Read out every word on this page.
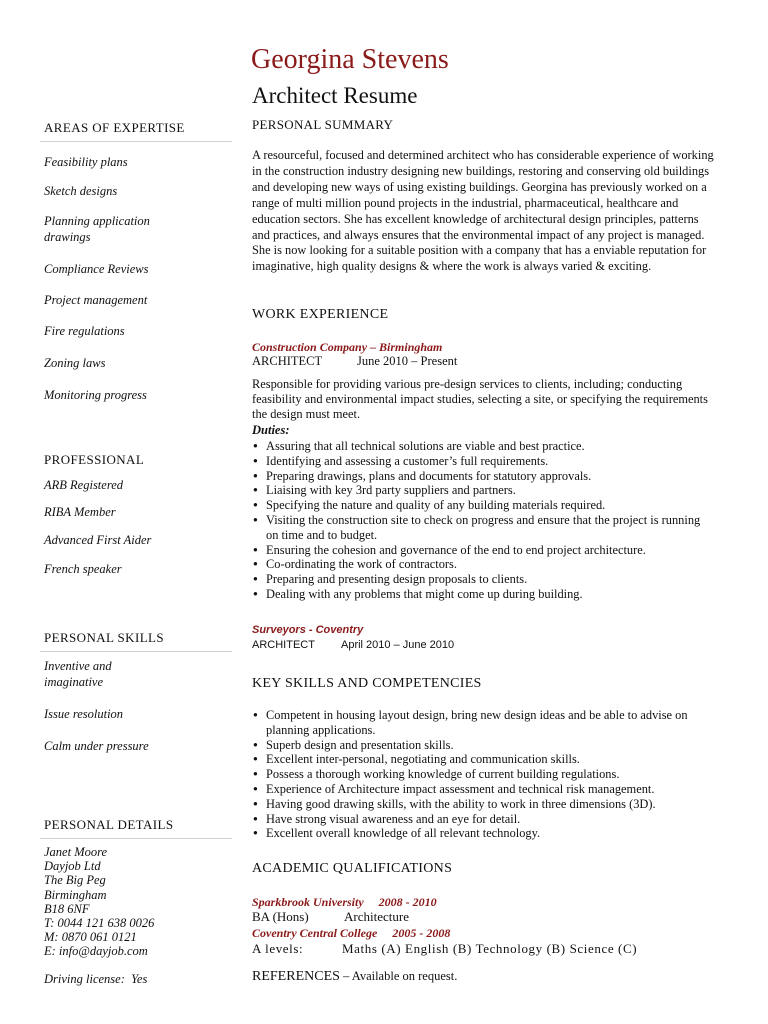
Georgina Stevens
Architect Resume
AREAS OF EXPERTISE
Feasibility plans
Sketch designs
Planning application drawings
Compliance Reviews
Project management
Fire regulations
Zoning laws
Monitoring progress
PROFESSIONAL
ARB Registered
RIBA Member
Advanced First Aider
French speaker
PERSONAL SKILLS
Inventive and imaginative
Issue resolution
Calm under pressure
PERSONAL DETAILS
Janet Moore
Dayjob Ltd
The Big Peg
Birmingham
B18 6NF
T: 0044 121 638 0026
M: 0870 061 0121
E: info@dayjob.com
Driving license:  Yes
PERSONAL SUMMARY
A resourceful, focused and determined architect who has considerable experience of working in the construction industry designing new buildings, restoring and conserving old buildings and developing new ways of using existing buildings. Georgina has previously worked on a range of multi million pound projects in the industrial, pharmaceutical, healthcare and education sectors. She has excellent knowledge of architectural design principles, patterns and practices, and always ensures that the environmental impact of any project is managed. She is now looking for a suitable position with a company that has a enviable reputation for imaginative, high quality designs & where the work is always varied & exciting.
WORK EXPERIENCE
Construction Company – Birmingham
ARCHITECT	June 2010 – Present
Responsible for providing various pre-design services to clients, including; conducting feasibility and environmental impact studies, selecting a site, or specifying the requirements the design must meet.
Duties:
● Assuring that all technical solutions are viable and best practice.
● Identifying and assessing a customer’s full requirements.
● Preparing drawings, plans and documents for statutory approvals.
● Liaising with key 3rd party suppliers and partners.
● Specifying the nature and quality of any building materials required.
● Visiting the construction site to check on progress and ensure that the project is running on time and to budget.
● Ensuring the cohesion and governance of the end to end project architecture.
● Co-ordinating the work of contractors.
● Preparing and presenting design proposals to clients.
● Dealing with any problems that might come up during building.
Surveyors - Coventry
ARCHITECT April 2010 – June 2010
KEY SKILLS AND COMPETENCIES
● Competent in housing layout design, bring new design ideas and be able to advise on planning applications.
● Superb design and presentation skills.
● Excellent inter-personal, negotiating and communication skills.
● Possess a thorough working knowledge of current building regulations.
● Experience of Architecture impact assessment and technical risk management.
● Having good drawing skills, with the ability to work in three dimensions (3D).
● Have strong visual awareness and an eye for detail.
● Excellent overall knowledge of all relevant technology.
ACADEMIC QUALIFICATIONS
Sparkbrook University     2008 - 2010
BA (Hons)	Architecture
Coventry Central College     2005 - 2008
A levels:	Maths (A) English (B) Technology (B) Science (C)
REFERENCES – Available on request.
